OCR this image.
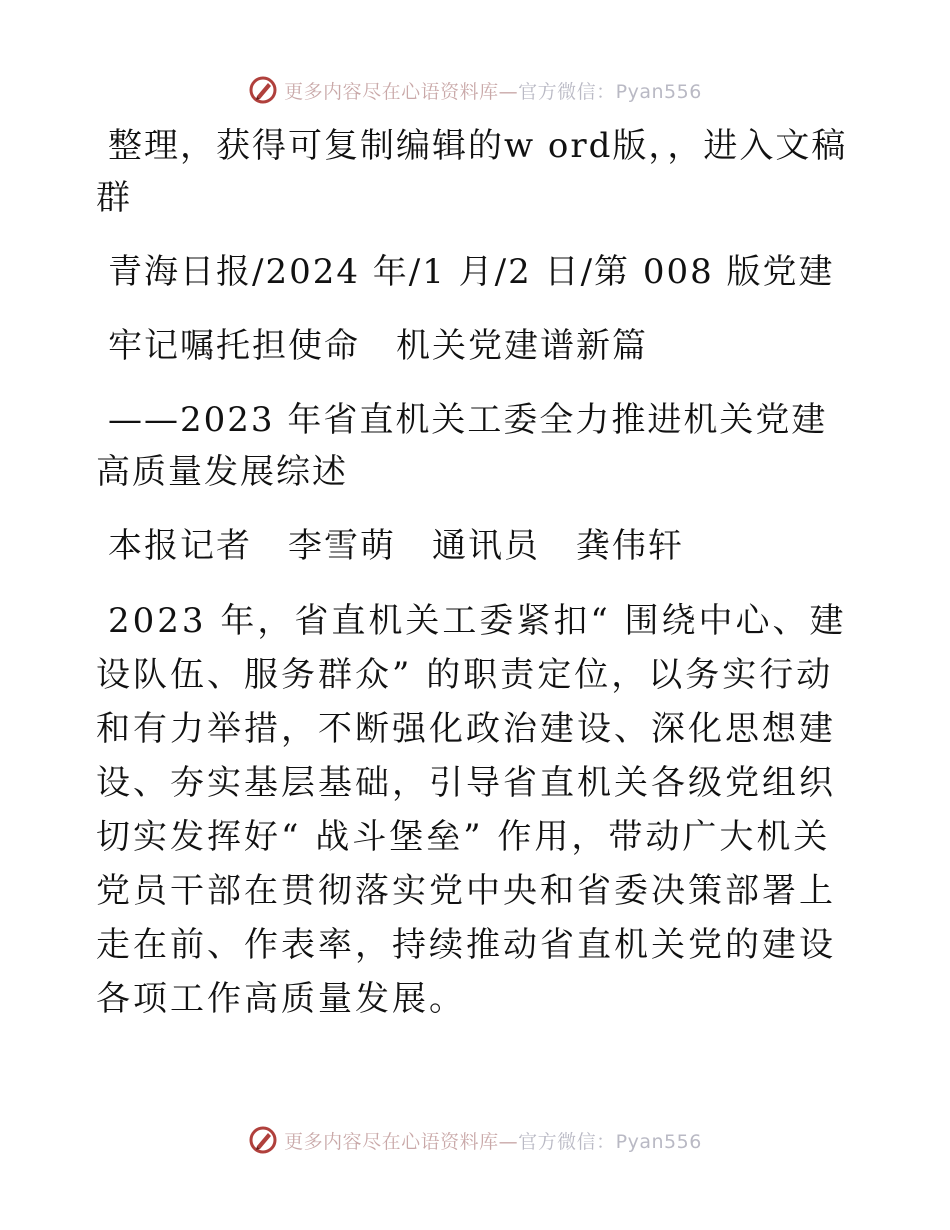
更多内容尽在心语资料库—官方微信：Pyan556

整理，获得可复制编辑的w ord版，，进入文稿群

青海日报/2024 年/1 月/2 日/第 008 版党建

牢记嘱托担使命　机关党建谱新篇

——2023 年省直机关工委全力推进机关党建高质量发展综述

本报记者　李雪萌　通讯员　龚伟轩

2023 年，省直机关工委紧扣“ 围绕中心、建设队伍、服务群众” 的职责定位，以务实行动和有力举措，不断强化政治建设、深化思想建设、夯实基层基础，引导省直机关各级党组织切实发挥好“ 战斗堡垒” 作用，带动广大机关党员干部在贯彻落实党中央和省委决策部署上走在前、作表率，持续推动省直机关党的建设各项工作高质量发展。

更多内容尽在心语资料库—官方微信：Pyan556
